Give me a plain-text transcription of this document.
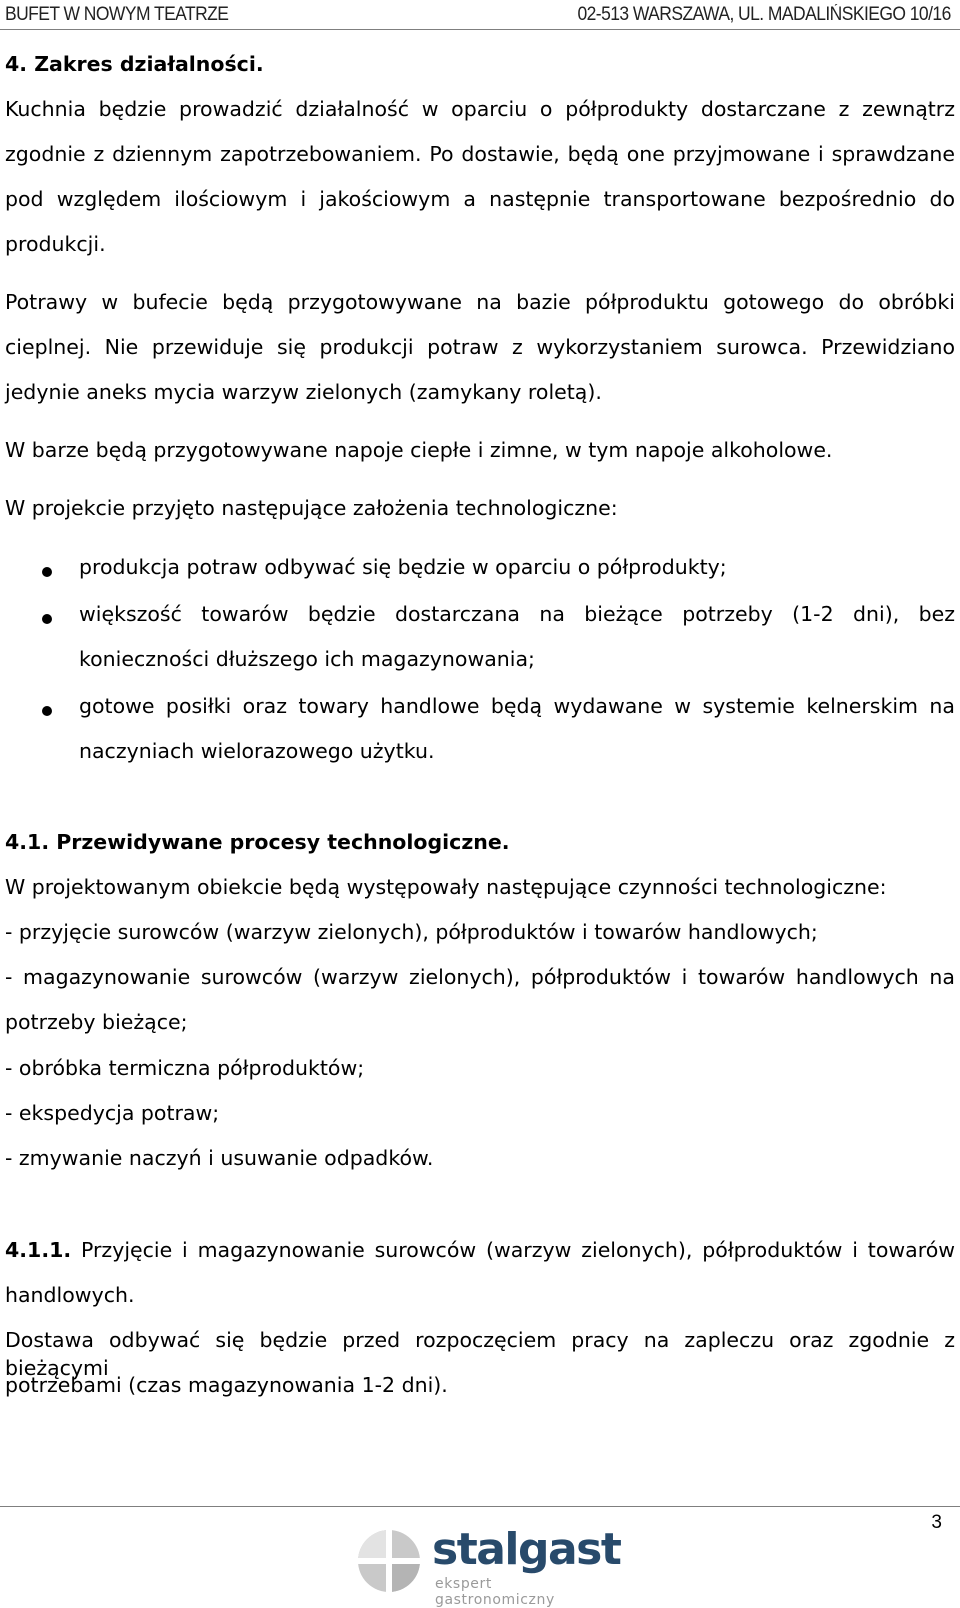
BUFET W NOWYM TEATRZE	02-513 WARSZAWA, UL. MADALIŃSKIEGO 10/16
4. Zakres działalności.
Kuchnia będzie prowadzić działalność w oparciu o półprodukty dostarczane z zewnątrz
zgodnie z dziennym zapotrzebowaniem. Po dostawie, będą one przyjmowane i sprawdzane
pod względem ilościowym i jakościowym a następnie transportowane bezpośrednio do
produkcji.
Potrawy w bufecie będą przygotowywane na bazie półproduktu gotowego do obróbki
cieplnej. Nie przewiduje się produkcji potraw z wykorzystaniem surowca. Przewidziano
jedynie aneks mycia warzyw zielonych (zamykany roletą).
W barze będą przygotowywane napoje ciepłe i zimne, w tym napoje alkoholowe.
W projekcie przyjęto następujące założenia technologiczne:
produkcja potraw odbywać się będzie w oparciu o półprodukty;
większość towarów będzie dostarczana na bieżące potrzeby (1-2 dni), bez
konieczności dłuższego ich magazynowania;
gotowe posiłki oraz towary handlowe będą wydawane w systemie kelnerskim na
naczyniach wielorazowego użytku.
4.1. Przewidywane procesy technologiczne.
W projektowanym obiekcie będą występowały następujące czynności technologiczne:
- przyjęcie surowców (warzyw zielonych), półproduktów i towarów handlowych;
- magazynowanie surowców (warzyw zielonych), półproduktów i towarów handlowych na
potrzeby bieżące;
- obróbka termiczna półproduktów;
- ekspedycja potraw;
- zmywanie naczyń i usuwanie odpadków.
4.1.1. Przyjęcie i magazynowanie surowców (warzyw zielonych), półproduktów i towarów
handlowych.
Dostawa odbywać się będzie przed rozpoczęciem pracy na zapleczu oraz zgodnie z bieżącymi
potrzebami (czas magazynowania 1-2 dni).
3
stalgast
ekspert gastronomiczny
